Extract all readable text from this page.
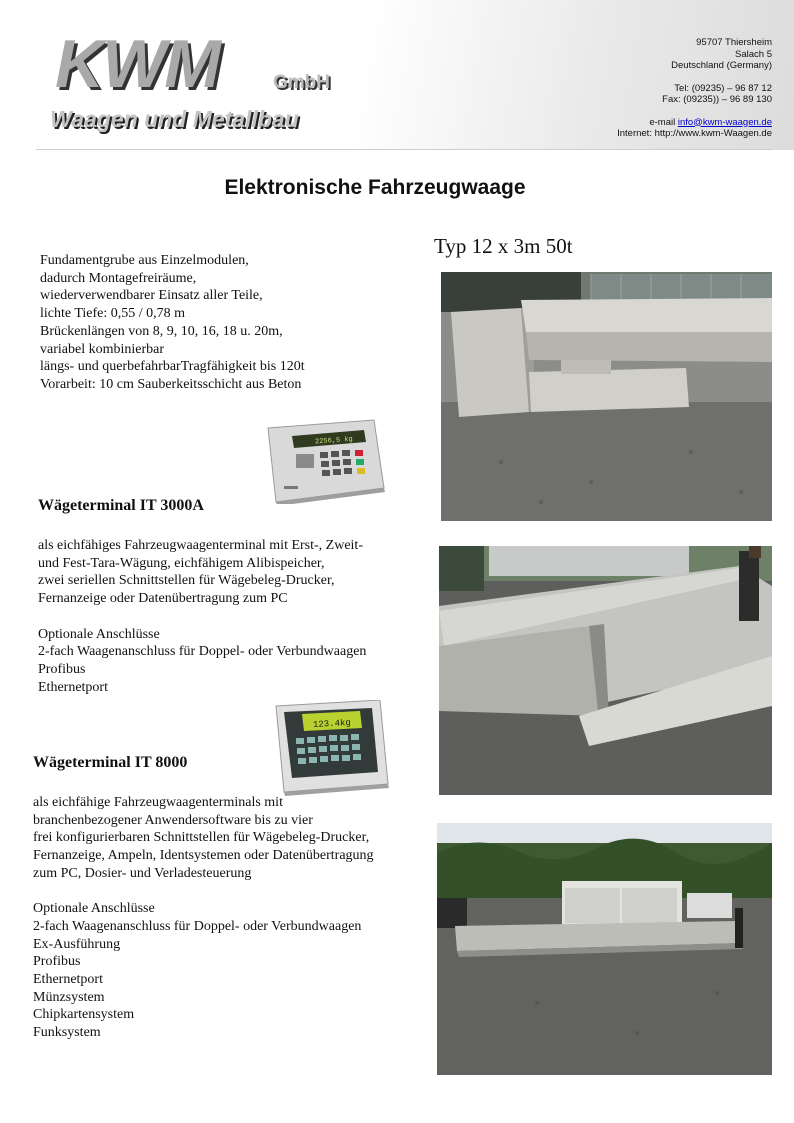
KWM	GmbH
Waagen und Metallbau
95707 Thiersheim
Salach 5
Deutschland (Germany)
Tel: (09235) – 96 87 12
Fax: (09235)) – 96 89 130
e-mail info@kwm-waagen.de
Internet: http://www.kwm-Waagen.de
Elektronische Fahrzeugwaage
Typ 12 x 3m 50t
Fundamentgrube aus Einzelmodulen,
dadurch Montagefreiräume,
wiederverwendbarer Einsatz aller Teile,
lichte Tiefe: 0,55 / 0,78 m
Brückenlängen von 8, 9, 10, 16, 18 u. 20m,
variabel kombinierbar
längs- und querbefahrbarTragfähigkeit bis 120t
Vorarbeit: 10 cm Sauberkeitsschicht aus Beton
2256,5 kg
Wägeterminal IT 3000A
als eichfähiges Fahrzeugwaagenterminal mit Erst-, Zweit-
und Fest-Tara-Wägung, eichfähigem Alibispeicher,
zwei seriellen Schnittstellen für Wägebeleg-Drucker,
Fernanzeige oder Datenübertragung zum PC
Optionale Anschlüsse
2-fach Waagenanschluss für Doppel- oder Verbundwaagen
Profibus
Ethernetport
123.4kg
Wägeterminal IT 8000
als eichfähige Fahrzeugwaagenterminals mit
branchenbezogener Anwendersoftware bis zu vier
frei konfigurierbaren Schnittstellen für Wägebeleg-Drucker,
Fernanzeige, Ampeln, Identsystemen oder Datenübertragung
zum PC, Dosier- und Verladesteuerung
Optionale Anschlüsse
2-fach Waagenanschluss für Doppel- oder Verbundwaagen
Ex-Ausführung
Profibus
Ethernetport
Münzsystem
Chipkartensystem
Funksystem
